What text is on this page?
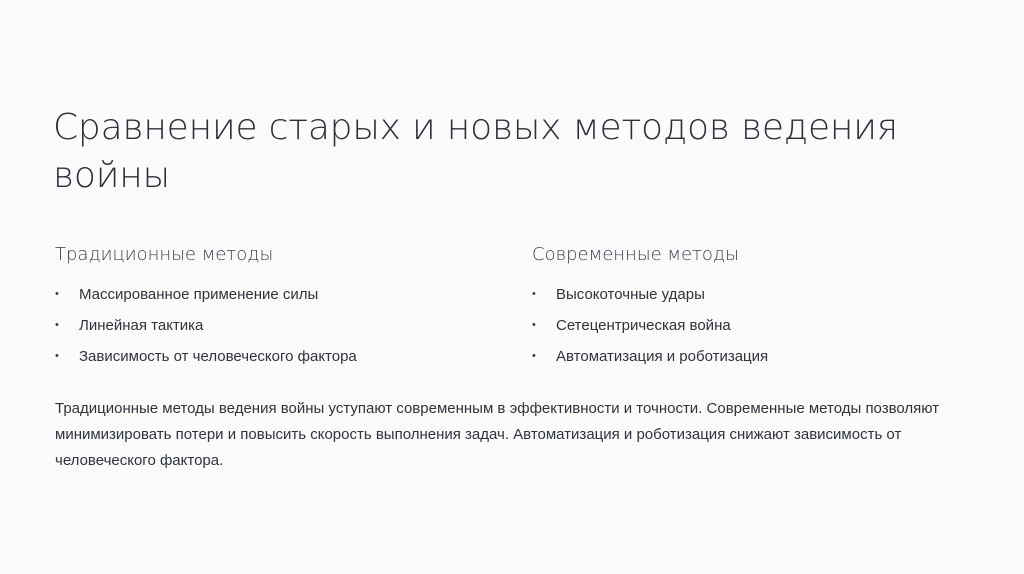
Сравнение старых и новых методов ведения войны
Традиционные методы
•	Массированное применение силы
•	Линейная тактика
•	Зависимость от человеческого фактора
Современные методы
•	Высокоточные удары
•	Сетецентрическая война
•	Автоматизация и роботизация

Традиционные методы ведения войны уступают современным в эффективности и точности. Современные методы позволяют минимизировать потери и повысить скорость выполнения задач. Автоматизация и роботизация снижают зависимость от человеческого фактора.
